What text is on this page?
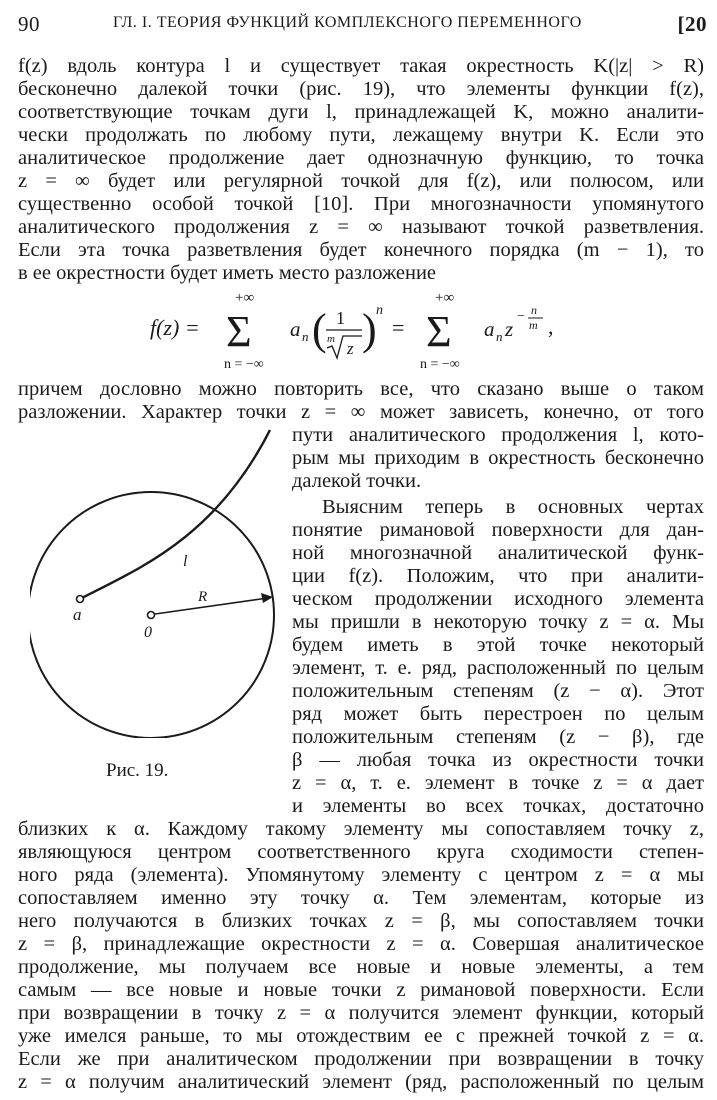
90	ГЛ. I. ТЕОРИЯ ФУНКЦИЙ КОМПЛЕКСНОГО ПЕРЕМЕННОГО	[20
f(z) вдоль контура l и существует такая окрестность K(|z| > R)
бесконечно далекой точки (рис. 19), что элементы функции f(z),
соответствующие точкам дуги l, принадлежащей K, можно аналити-
чески продолжать по любому пути, лежащему внутри K. Если это
аналитическое продолжение дает однозначную функцию, то точка
z = ∞ будет или регулярной точкой для f(z), или полюсом, или
существенно особой точкой [10]. При многозначности упомянутого
аналитического продолжения z = ∞ называют точкой разветвления.
Если эта точка разветвления будет конечного порядка (m − 1), то
в ее окрестности будет иметь место разложение
f(z) =
+∞
Σ
n = −∞
a n ( 1
m z ) n
=
+∞
Σ
n = −∞
a n z
− n
m ,
причем дословно можно повторить все, что сказано выше о таком
разложении. Характер точки z = ∞ может зависеть, конечно, от того
пути аналитического продолжения l, кото-
рым мы приходим в окрестность бесконечно
далекой точки.
Выясним теперь в основных чертах
понятие римановой поверхности для дан-
ной многозначной аналитической функ-
ции f(z). Положим, что при аналити-
ческом продолжении исходного элемента
мы пришли в некоторую точку z = α. Мы
будем иметь в этой точке некоторый
элемент, т. е. ряд, расположенный по целым
положительным степеням (z − α). Этот
ряд может быть перестроен по целым
положительным степеням (z − β), где
β — любая точка из окрестности точки
z = α, т. е. элемент в точке z = α дает
и элементы во всех точках, достаточно
a
0
l
R
Рис. 19.
близких к α. Каждому такому элементу мы сопоставляем точку z,
являющуюся центром соответственного круга сходимости степен-
ного ряда (элемента). Упомянутому элементу с центром z = α мы
сопоставляем именно эту точку α. Тем элементам, которые из
него получаются в близких точках z = β, мы сопоставляем точки
z = β, принадлежащие окрестности z = α. Совершая аналитическое
продолжение, мы получаем все новые и новые элементы, а тем
самым — все новые и новые точки z римановой поверхности. Если
при возвращении в точку z = α получится элемент функции, который
уже имелся раньше, то мы отождествим ее с прежней точкой z = α.
Если же при аналитическом продолжении при возвращении в точку
z = α получим аналитический элемент (ряд, расположенный по целым
